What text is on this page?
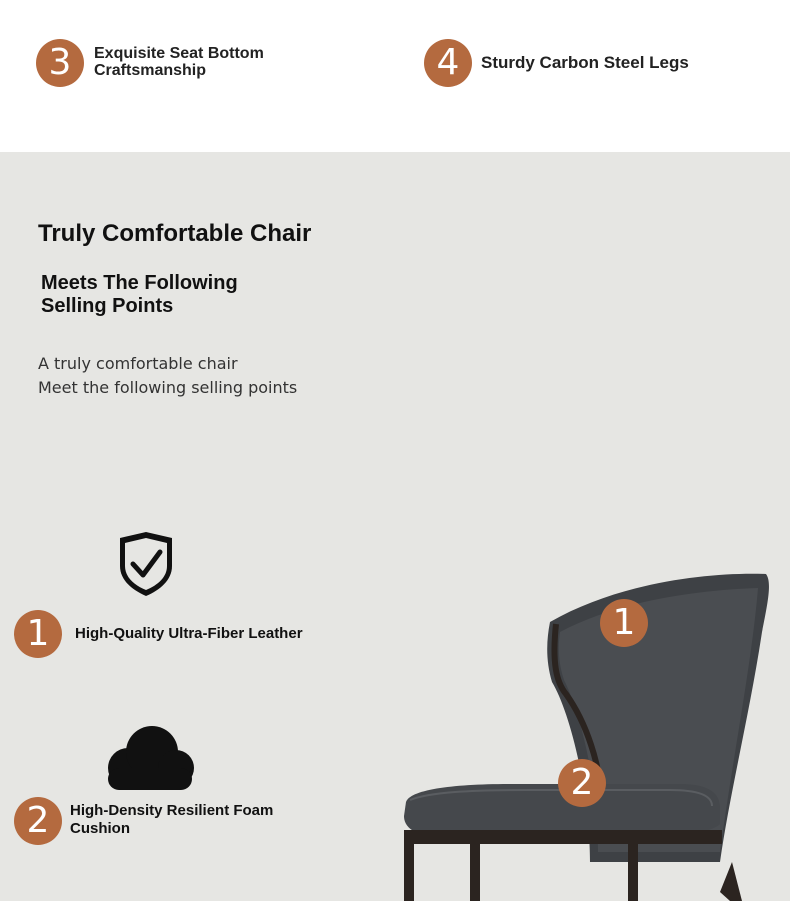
3	Exquisite Seat Bottom
Craftsmanship	4	Sturdy Carbon Steel Legs
Truly Comfortable Chair
Meets The Following
Selling Points
A truly comfortable chair
Meet the following selling points
1	High-Quality Ultra-Fiber Leather
2	High-Density Resilient Foam
Cushion
1
2
